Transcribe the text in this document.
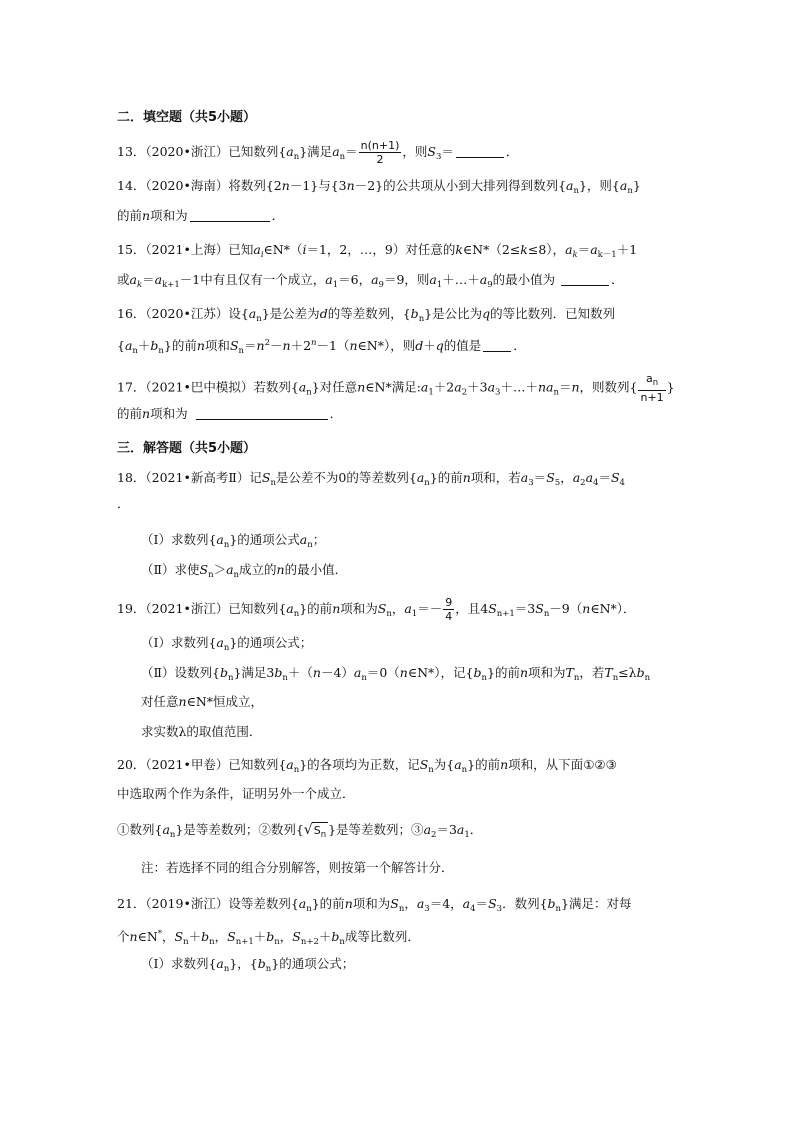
二．填空题（共5小题）
13．（2020•浙江）已知数列$\{a_n\}$满足$a_n= \frac{n(n+1)}{2}$ ，则$S_3=$	．
14．（2020•海南）将数列{2n－1}与{3n－2}的公共项从小到大排列得到数列$\{a_n\}$，则$\{a_n\}$
的前n项和为	．
15．（2021•上海）已知$a_i\in N*(i=1$，2，…，9）对任意的k∈N*（2≤k≤8），$a_k=a_{k-1}+1$
或$a_k=a_{k+1}-1$中有且仅有一个成立，$a_1=6$，$a_9=9$，则$a_1+\dots+a_9$的最小值为	．
16．（2020•江苏）设$\{a_n\}$是公差为d的等差数列，$\{b_n\}$是公比为q的等比数列．已知数列
$\{a_n+b_n\}$的前n项和$S_n=n^2-n+2^n-1(n\in N*)$，则d＋q的值是	．
17．（2021•巴中模拟）若数列$\{a_n\}$对任意n∈N*满足$:a_1+2a_2+3a_3+\dots+na_n=n$，则数列{ $\frac{a_n}{n+1}$ }
的前n项和为	．
三．解答题（共5小题）
18．（2021•新高考Ⅱ）记$S_n$是公差不为0的等差数列$\{a_n\}$的前n项和，若$a_3=S_5$，$a_2a_4=S_4$
．
（Ⅰ）求数列$\{a_n\}$的通项公式$a_n$；
（Ⅱ）求使$S_n>a_n$成立的n的最小值．
19．（2021•浙江）已知数列$\{a_n\}$的前n项和为$S_n$，$a_1=- \frac{9}{4}$ ，且$4S_{n+1}=3S_n-9(n\in N*)$．
（Ⅰ）求数列$\{a_n\}$的通项公式；
（Ⅱ）设数列$\{b_n\}$满足$3b_n+(n-4)a_n=0(n\in N*)$，记$\{b_n\}$的前n项和为$T_n$，若$T_n\le\lambda b_n$
对任意n∈N*恒成立，
求实数λ的取值范围．
20．（2021•甲卷）已知数列$\{a_n\}$的各项均为正数，记$S_n$为$\{a_n\}$的前n项和，从下面①②③
中选取两个作为条件，证明另外一个成立．
①数列$\{a_n\}$是等差数列；②数列{$√S_n$ }是等差数列；$③a_2=3a_1$．
注：若选择不同的组合分别解答，则按第一个解答计分．
21．（2019•浙江）设等差数列$\{a_n\}$的前n项和为$S_n$，$a_3=4$，$a_4=S_3$．数列$\{b_n\}$满足：对每
个n∈N*，$S_n+b_n$，$S_{n+1}+b_n$，$S_{n+2}+b_n$成等比数列．
（Ⅰ）求数列$\{a_n\}$，$\{b_n\}$的通项公式；
